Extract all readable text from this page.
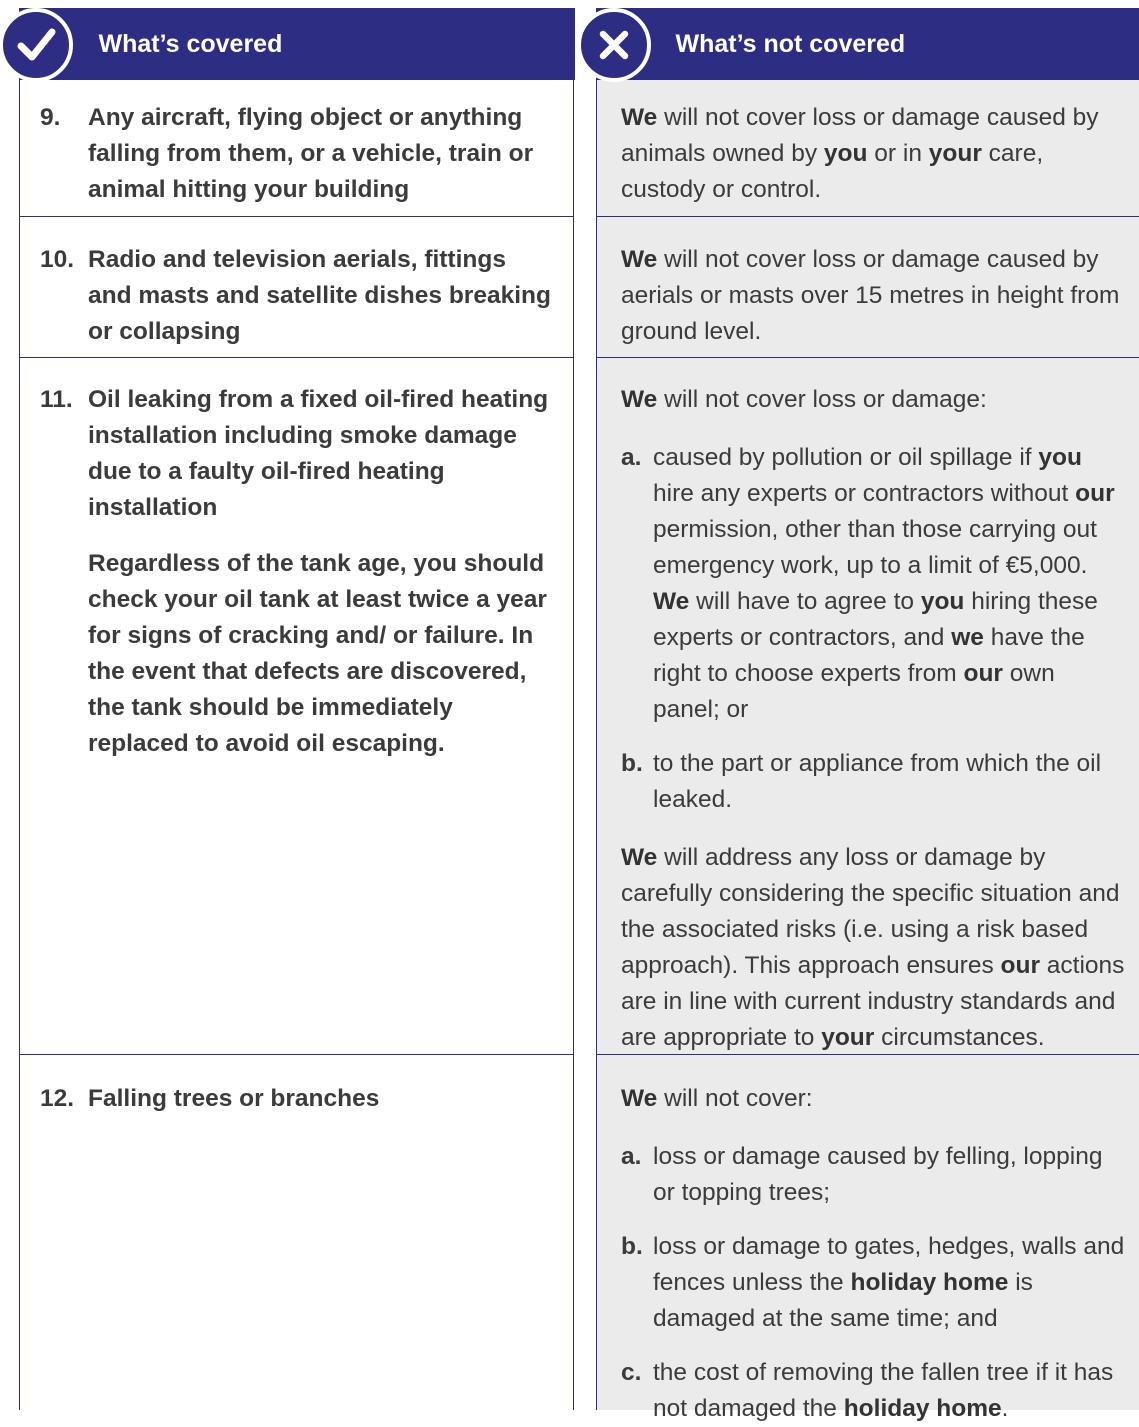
What’s covered
9.	Any aircraft, flying object or anything falling from them, or a vehicle, train or animal hitting your building
10. Radio and television aerials, fittings and masts and satellite dishes breaking or collapsing
11. Oil leaking from a fixed oil-fired heating installation including smoke damage due to a faulty oil-fired heating installation
Regardless of the tank age, you should check your oil tank at least twice a year for signs of cracking and/ or failure. In the event that defects are discovered, the tank should be immediately replaced to avoid oil escaping.
12. Falling trees or branches
What’s not covered

We will not cover loss or damage caused by animals owned by you or in your care, custody or control.

We will not cover loss or damage caused by aerials or masts over 15 metres in height from ground level.

We will not cover loss or damage:

a. caused by pollution or oil spillage if you hire any experts or contractors without our permission, other than those carrying out emergency work, up to a limit of €5,000. We will have to agree to you hiring these experts or contractors, and we have the right to choose experts from our own panel; or
b. to the part or appliance from which the oil leaked.

We will address any loss or damage by carefully considering the specific situation and the associated risks (i.e. using a risk based approach). This approach ensures our actions are in line with current industry standards and are appropriate to your circumstances.

We will not cover:

a. loss or damage caused by felling, lopping or topping trees;
b. loss or damage to gates, hedges, walls and fences unless the holiday home is damaged at the same time; and
c. the cost of removing the fallen tree if it has not damaged the holiday home.
